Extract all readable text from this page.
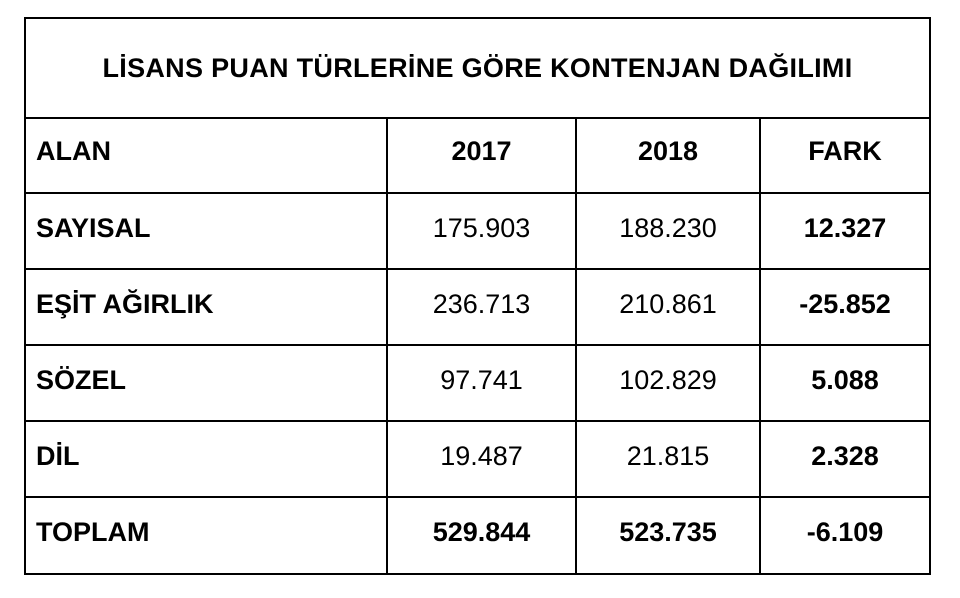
LİSANS PUAN TÜRLERİNE GÖRE KONTENJAN DAĞILIMI
ALAN	2017	2018	FARK

SAYISAL	175.903	188.230	12.327

EŞİT AĞIRLIK	236.713	210.861	-25.852

SÖZEL	97.741	102.829	5.088

DİL	19.487	21.815	2.328

TOPLAM	529.844	523.735	-6.109
